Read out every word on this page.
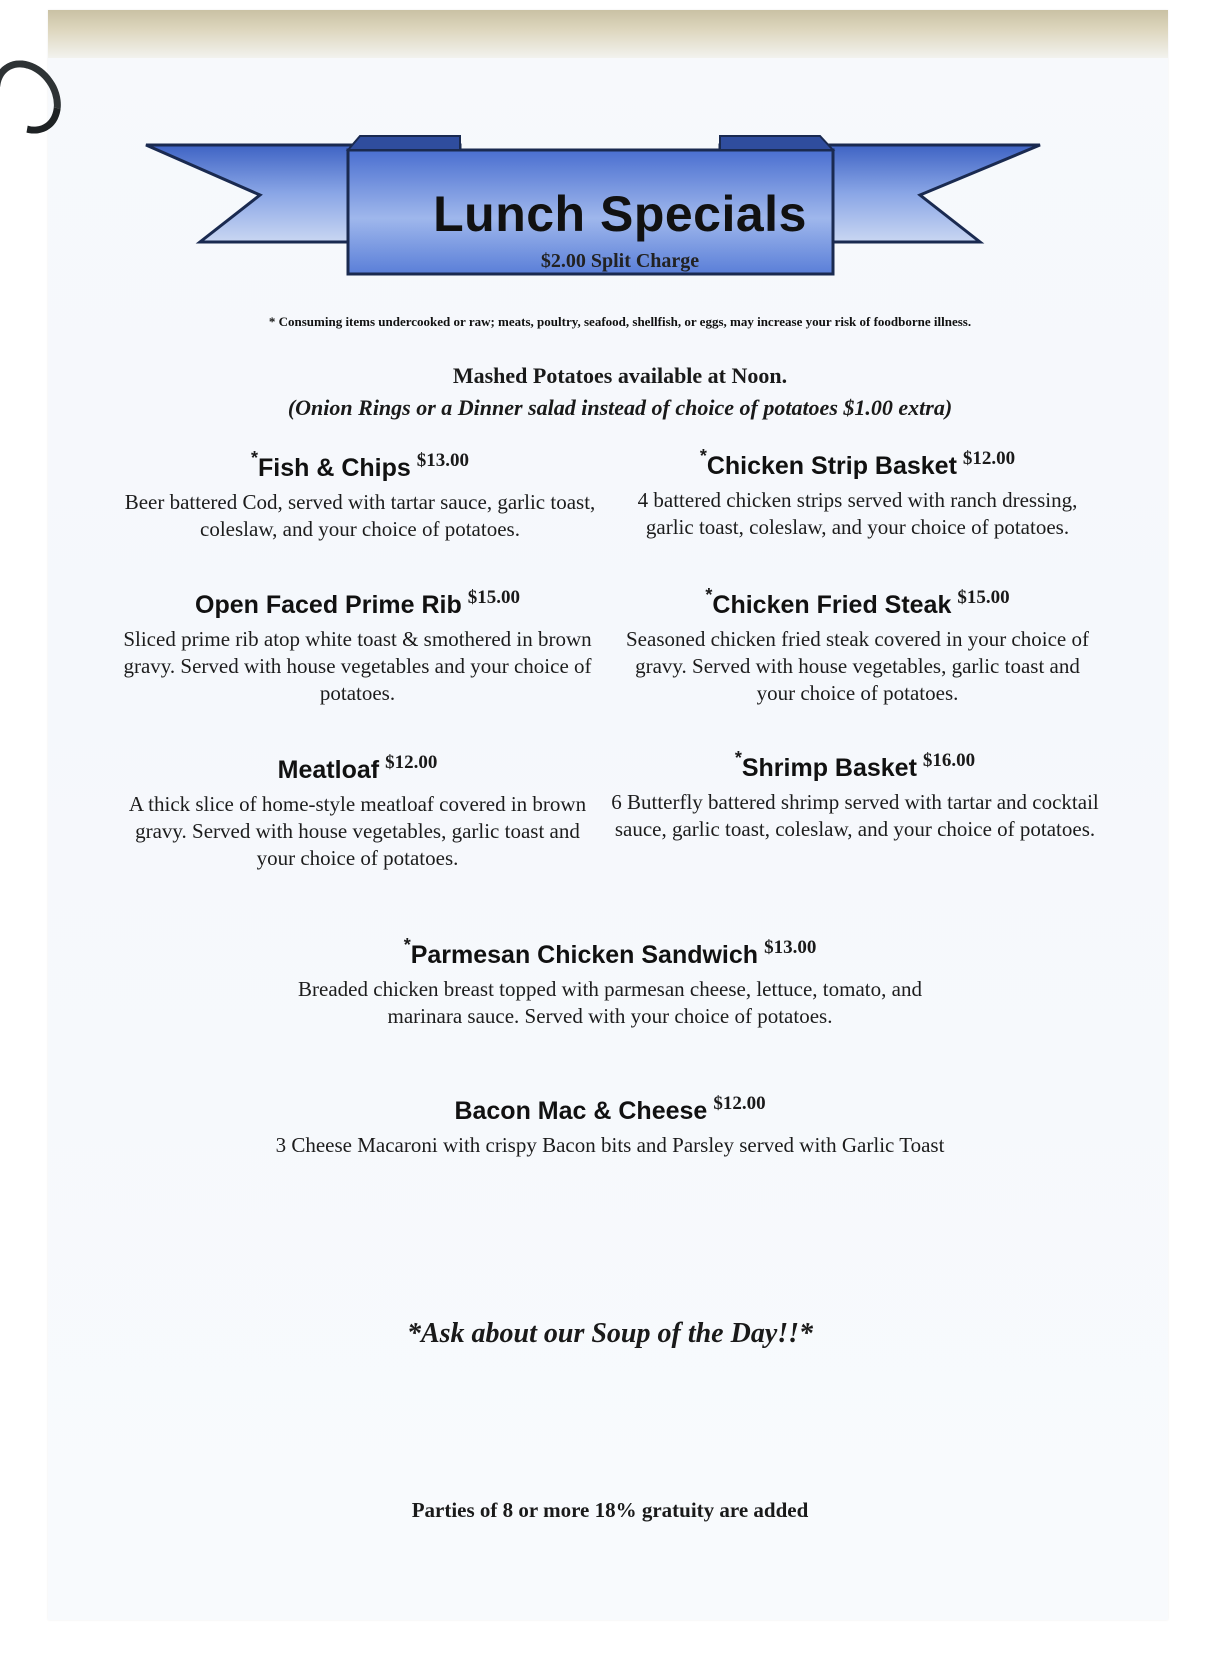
Lunch Specials
$2.00 Split Charge
* Consuming items undercooked or raw; meats, poultry, seafood, shellfish, or eggs, may increase your risk of foodborne illness.
Mashed Potatoes available at Noon.
(Onion Rings or a Dinner salad instead of choice of potatoes $1.00 extra)
*Fish & Chips $13.00
Beer battered Cod, served with tartar sauce, garlic toast, coleslaw, and your choice of potatoes.
*Chicken Strip Basket $12.00
4 battered chicken strips served with ranch dressing, garlic toast, coleslaw, and your choice of potatoes.
Open Faced Prime Rib $15.00
Sliced prime rib atop white toast & smothered in brown gravy. Served with house vegetables and your choice of potatoes.
*Chicken Fried Steak $15.00
Seasoned chicken fried steak covered in your choice of gravy. Served with house vegetables, garlic toast and your choice of potatoes.
Meatloaf $12.00
A thick slice of home-style meatloaf covered in brown gravy. Served with house vegetables, garlic toast and your choice of potatoes.
*Shrimp Basket $16.00
6 Butterfly battered shrimp served with tartar and cocktail sauce, garlic toast, coleslaw, and your choice of potatoes.
*Parmesan Chicken Sandwich $13.00
Breaded chicken breast topped with parmesan cheese, lettuce, tomato, and marinara sauce. Served with your choice of potatoes.
Bacon Mac & Cheese $12.00
3 Cheese Macaroni with crispy Bacon bits and Parsley served with Garlic Toast
*Ask about our Soup of the Day!!*
Parties of 8 or more 18% gratuity are added
